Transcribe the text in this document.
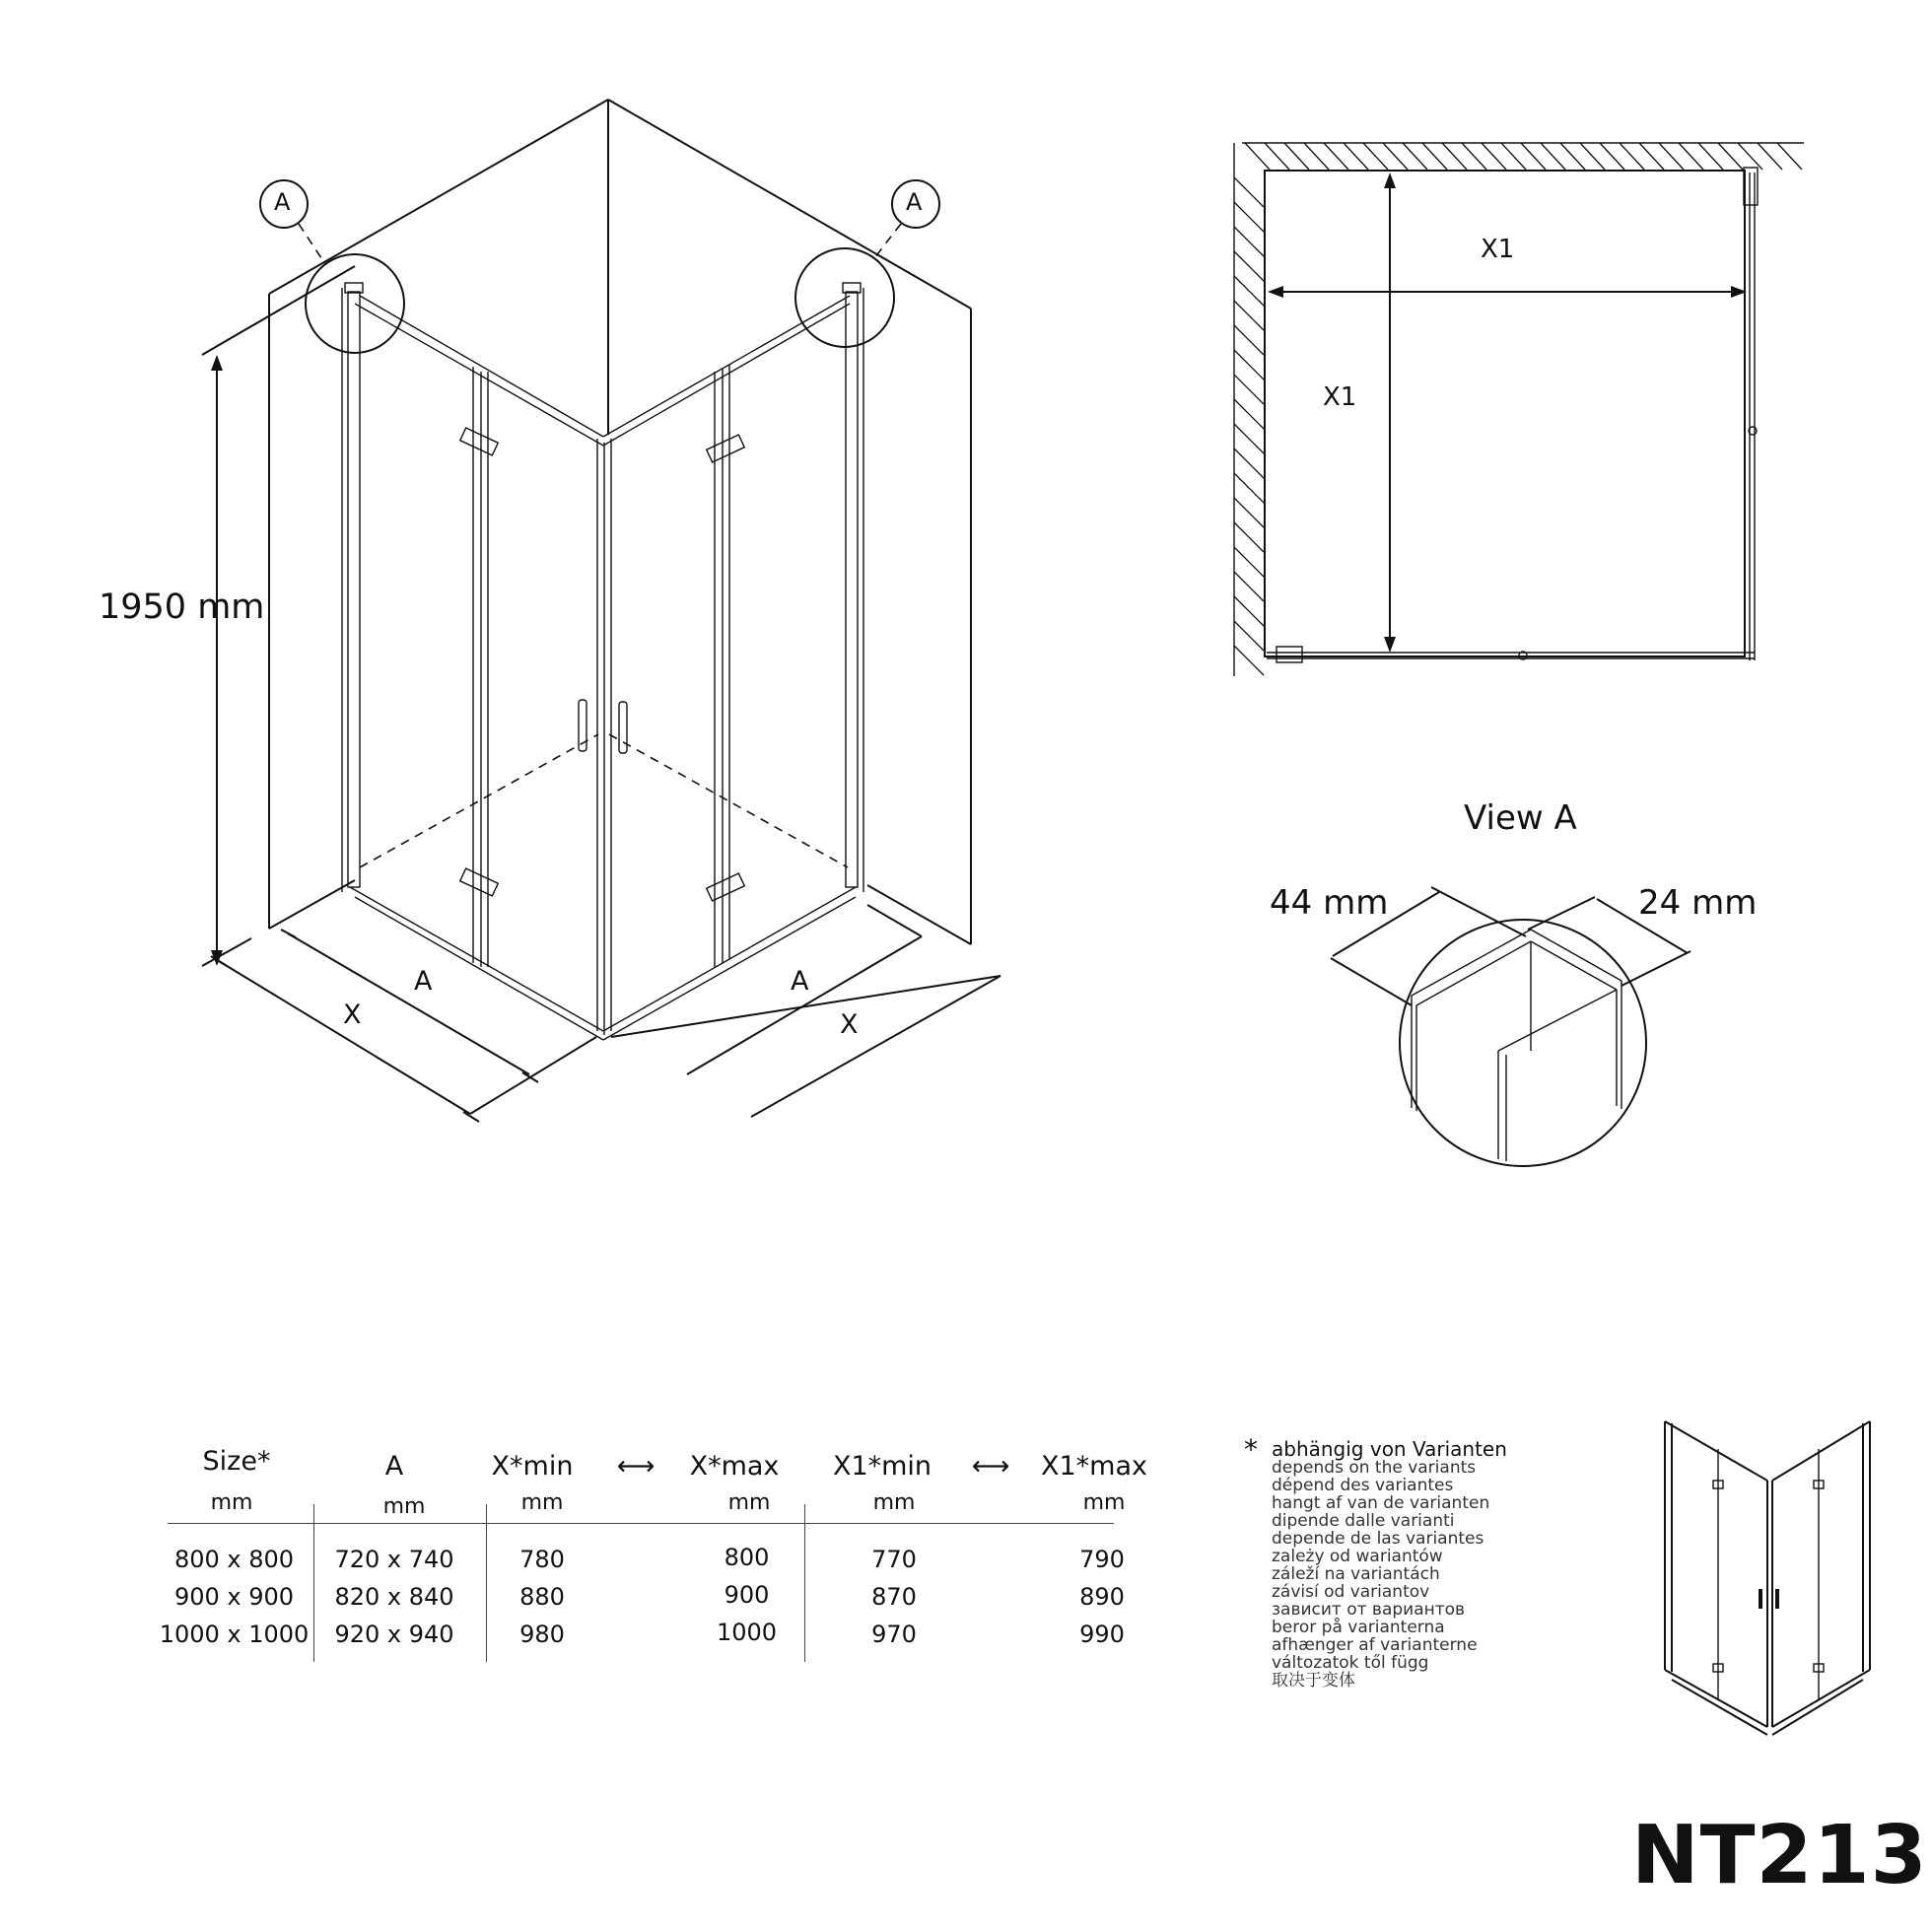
1950 mm
A	A
A
X
A
X
X1
X1
View A
44 mm	24 mm
Size*	A	X*min	⟷	X*max	X1*min	⟷	X1*max
mm	mm	mm	mm	mm	mm
800 x 800	720 x 740	780	800	770	790
900 x 900	820 x 840	880	900	870	890
1000 x 1000	920 x 940	980	1000	970	990
* abhängig von Varianten
depends on the variants
dépend des variantes
hangt af van de varianten
dipende dalle varianti
depende de las variantes
zależy od wariantów
záleží na variantách
závisí od variantov
зависит от вариантов
beror på varianterna
afhænger af varianterne
változatok től függ
取决于变体
NT213
